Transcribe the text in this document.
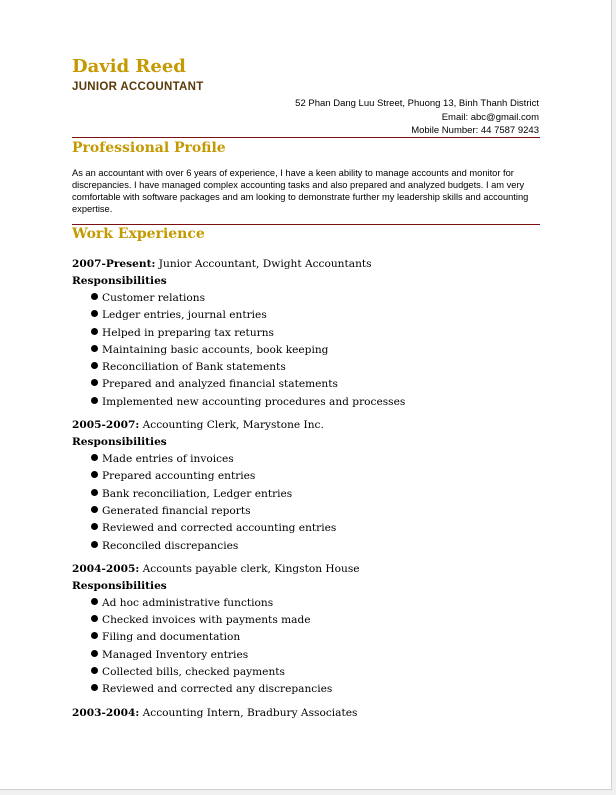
David Reed
JUNIOR ACCOUNTANT
52 Phan Dang Luu Street, Phuong 13, Binh Thanh District
Email: abc@gmail.com
Mobile Number: 44 7587 9243
Professional Profile

As an accountant with over 6 years of experience, I have a keen ability to manage accounts and monitor for discrepancies. I have managed complex accounting tasks and also prepared and analyzed budgets. I am very comfortable with software packages and am looking to demonstrate further my leadership skills and accounting expertise.

Work Experience
2007-Present: Junior Accountant, Dwight Accountants
Responsibilities
Customer relations
Ledger entries, journal entries
Helped in preparing tax returns
Maintaining basic accounts, book keeping
Reconciliation of Bank statements
Prepared and analyzed financial statements
Implemented new accounting procedures and processes
2005-2007: Accounting Clerk, Marystone Inc.
Responsibilities
Made entries of invoices
Prepared accounting entries
Bank reconciliation, Ledger entries
Generated financial reports
Reviewed and corrected accounting entries
Reconciled discrepancies
2004-2005: Accounts payable clerk, Kingston House
Responsibilities
Ad hoc administrative functions
Checked invoices with payments made
Filing and documentation
Managed Inventory entries
Collected bills, checked payments
Reviewed and corrected any discrepancies
2003-2004: Accounting Intern, Bradbury Associates
